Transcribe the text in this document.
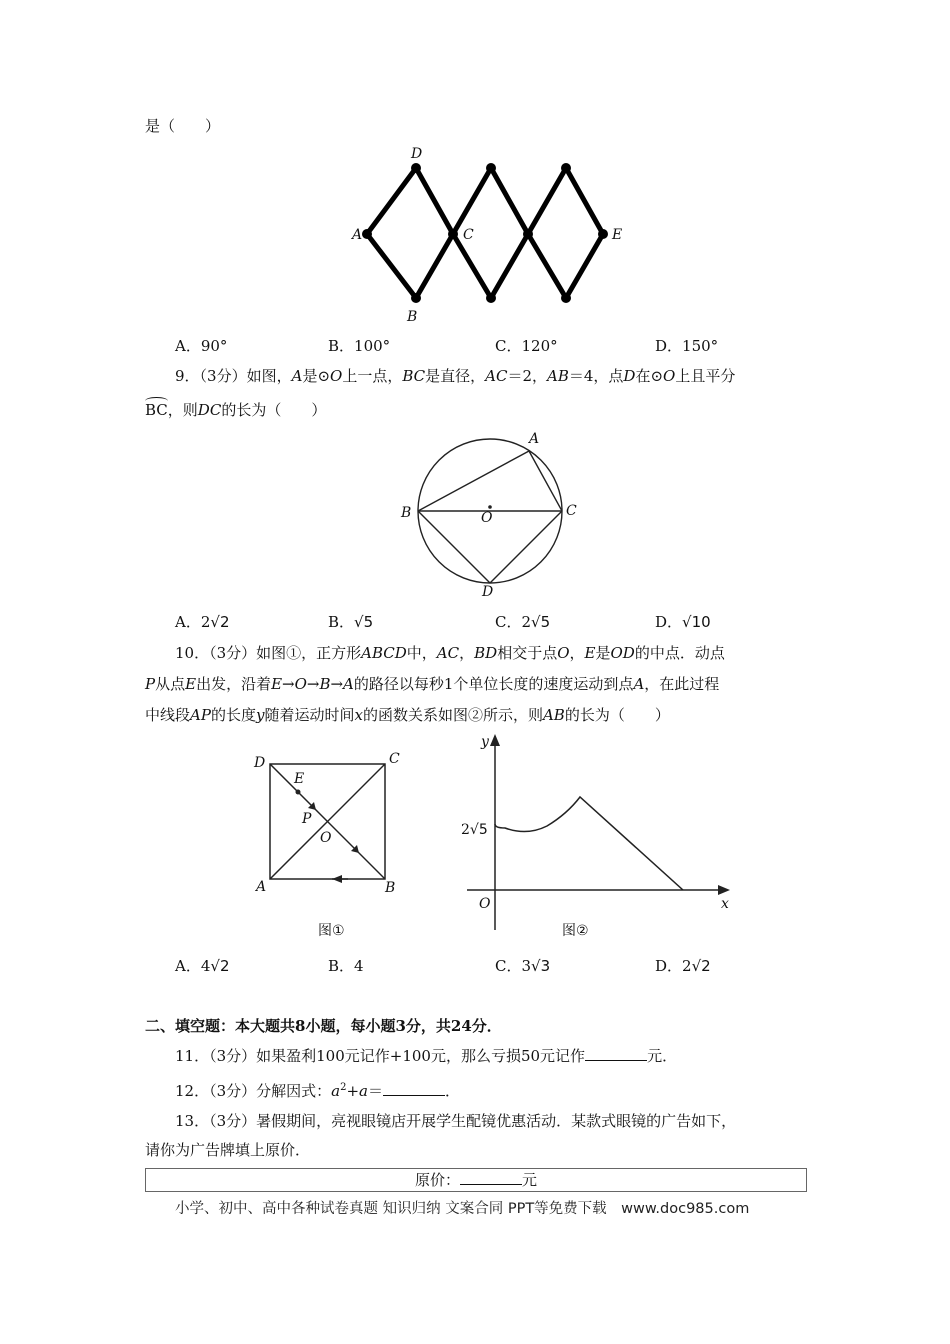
是（　　）
D
A	C	E
B
A．90°	B．100°	C．120°	D．150°
9．（3分）如图，A是⊙O上一点，BC是直径，AC＝2，AB＝4，点D在⊙O上且平分
BC，则DC的长为（　　）
A
B	O	C
D
A．2√2	B．√5	C．2√5	D．√10
10．（3分）如图①，正方形ABCD中，AC，BD相交于点O，E是OD的中点．动点
P从点E出发，沿着E→O→B→A的路径以每秒1个单位长度的速度运动到点A，在此过程
中线段AP的长度y随着运动时间x的函数关系如图②所示，则AB的长为（　　）
D	C
E
P
O
A	B
图①
y
x
O
2√5
图②
A．4√2	B．4	C．3√3	D．2√2
二、填空题：本大题共8小题，每小题3分，共24分．
11．（3分）如果盈利100元记作+100元，那么亏损50元记作	元．
12．（3分）分解因式：$a^2+a=$	．
13．（3分）暑假期间，亮视眼镜店开展学生配镜优惠活动．某款式眼镜的广告如下，
请你为广告牌填上原价．
原价：	元
小学、初中、高中各种试卷真题 知识归纳 文案合同 PPT等免费下载　www.doc985.com
